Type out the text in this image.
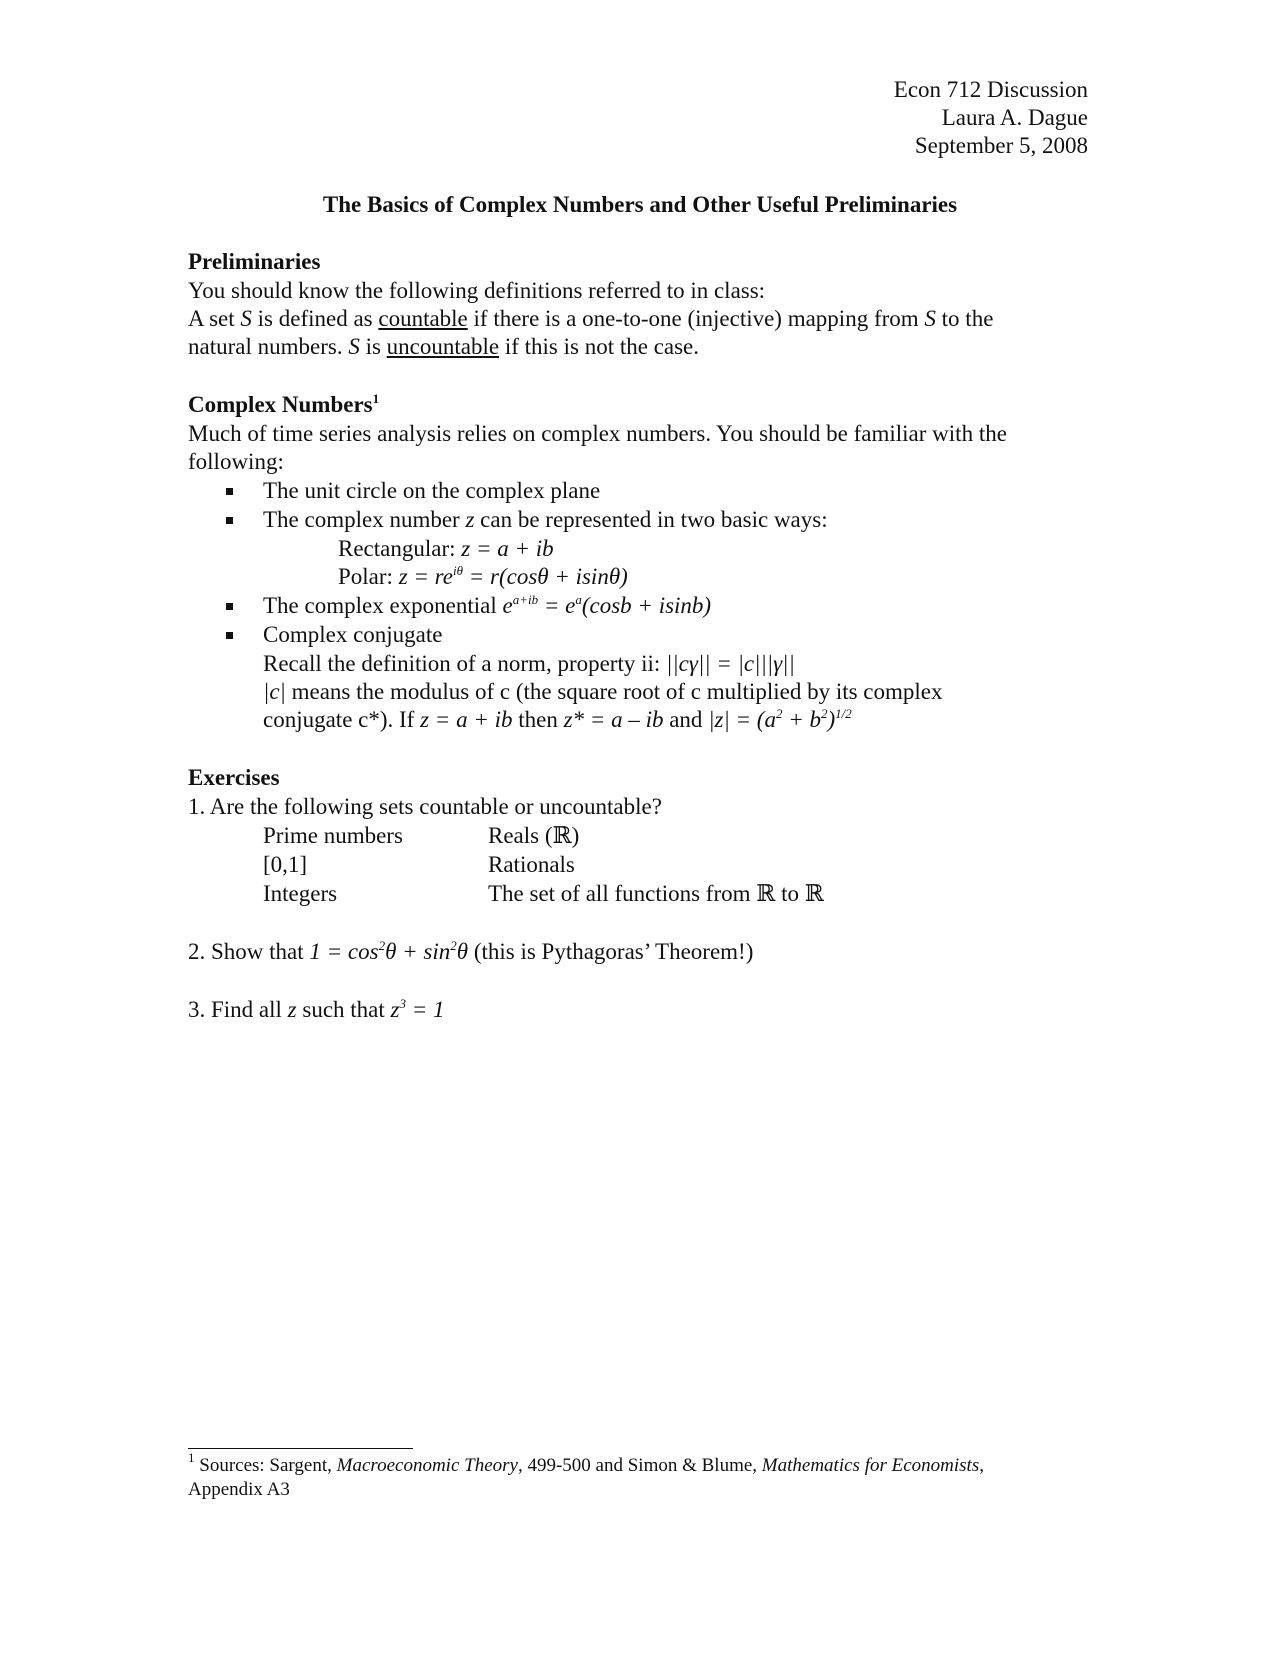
Econ 712 Discussion
Laura A. Dague
September 5, 2008
The Basics of Complex Numbers and Other Useful Preliminaries
Preliminaries
You should know the following definitions referred to in class:
A set S is defined as countable if there is a one-to-one (injective) mapping from S to the
natural numbers. S is uncountable if this is not the case.
Complex Numbers$^1$
Much of time series analysis relies on complex numbers. You should be familiar with the
following:
The unit circle on the complex plane
The complex number z can be represented in two basic ways:
Rectangular: z = a + ib
Polar: $z = re^{i\theta} = r(\cos\theta + isin\theta)$
The complex exponential $e^{a+ib} = e^a(\cos b + isinb)$
Complex conjugate
Recall the definition of a norm, property ii: ||cγ|| = |c|||γ||
|c| means the modulus of c (the square root of c multiplied by its complex
conjugate c*). If z = a + ib then z* = a – ib and $|z| = (a^2 + b^2)^{1/2}$
Exercises
1. Are the following sets countable or uncountable?
Prime numbers
[0,1]
Integers
Reals (ℝ)
Rationals
The set of all functions from ℝ to ℝ
2. Show that $1 = \cos^2\theta + \sin^2\theta$ (this is Pythagoras’ Theorem!)
3. Find all z such that $z^3 = 1$
$^1$ Sources: Sargent, Macroeconomic Theory, 499-500 and Simon & Blume, Mathematics for Economists,
Appendix A3
